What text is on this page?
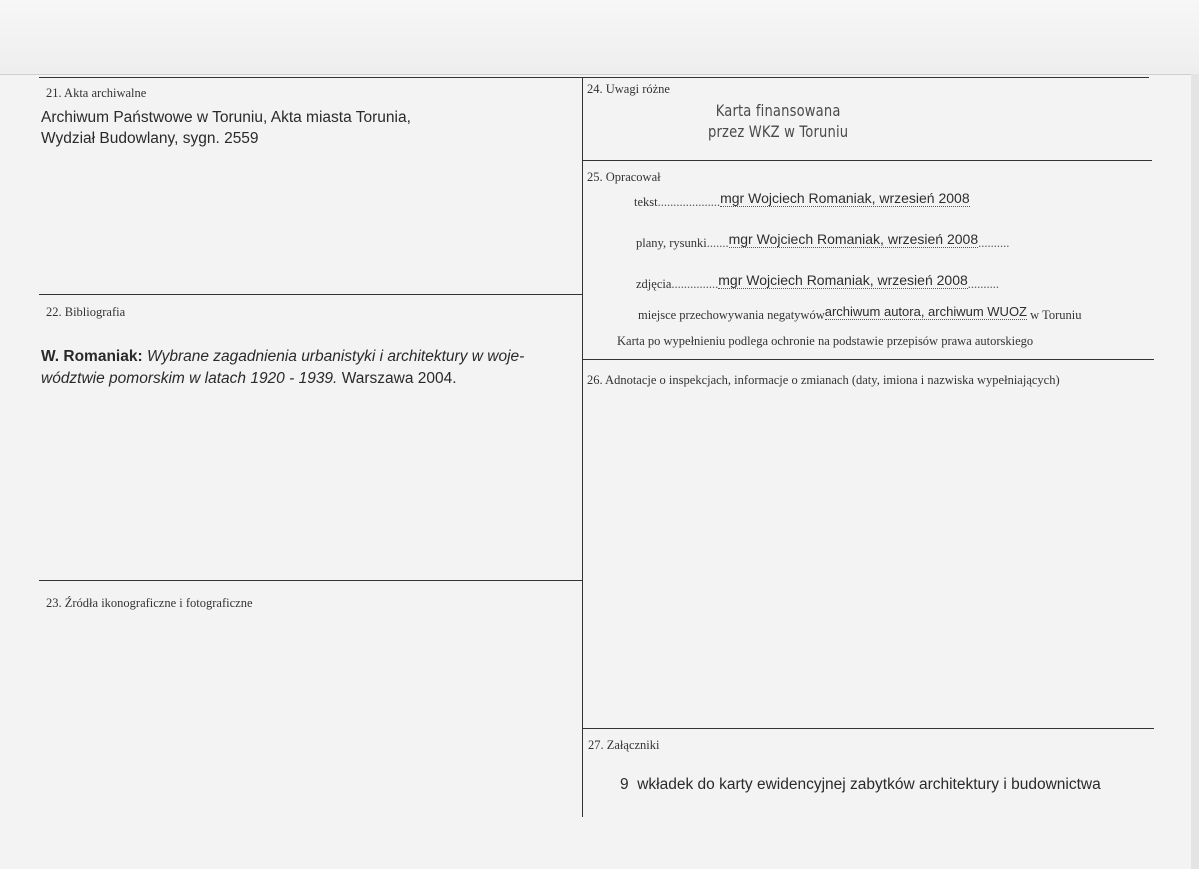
21. Akta archiwalne
Archiwum Państwowe w Toruniu, Akta miasta Torunia,
Wydział Budowlany, sygn. 2559
22. Bibliografia
W. Romaniak: Wybrane zagadnienia urbanistyki i architektury w woje-
wództwie pomorskim w latach 1920 - 1939. Warszawa 2004.
23. Źródła ikonograficzne i fotograficzne
24. Uwagi różne
Karta finansowana
przez WKZ w Toruniu
25. Opracował
tekst....................mgr Wojciech Romaniak, wrzesień 2008
plany, rysunki.......mgr Wojciech Romaniak, wrzesień 2008..........
zdjęcia...............mgr Wojciech Romaniak, wrzesień 2008..........
miejsce przechowywania negatywówarchiwum autora, archiwum WUOZ w Toruniu
Karta po wypełnieniu podlega ochronie na podstawie przepisów prawa autorskiego
26. Adnotacje o inspekcjach, informacje o zmianach (daty, imiona i nazwiska wypełniających)
27. Załączniki
9  wkładek do karty ewidencyjnej zabytków architektury i budownictwa
